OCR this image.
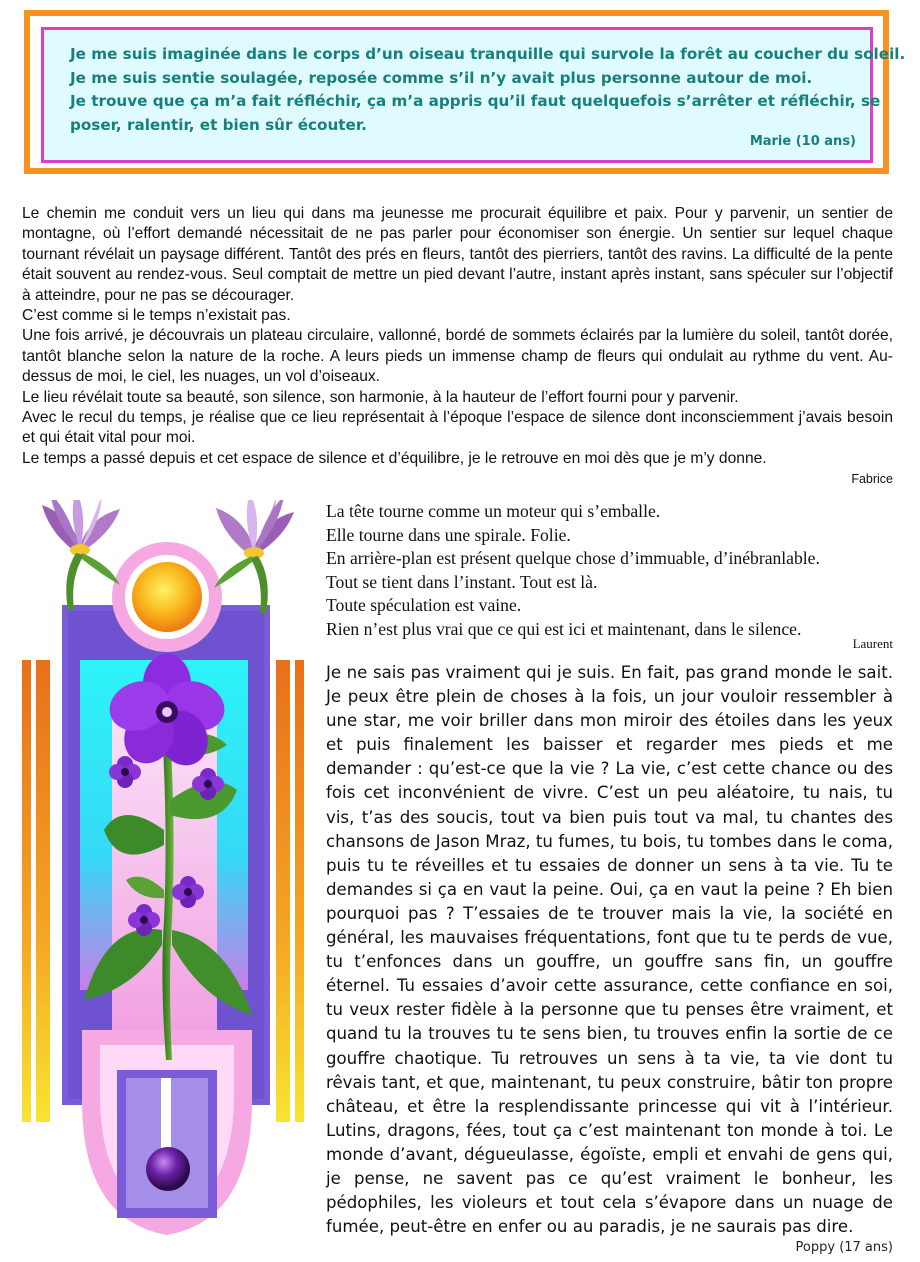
Je me suis imaginée dans le corps d’un oiseau tranquille qui survole la forêt au coucher du soleil.

Je me suis sentie soulagée, reposée comme s’il n’y avait plus personne autour de moi.

Je trouve que ça m’a fait réfléchir, ça m’a appris qu’il faut quelquefois s’arrêter et réfléchir, se

poser, ralentir, et bien sûr écouter.

Marie (10 ans)

Le chemin me conduit vers un lieu qui dans ma jeunesse me procurait équilibre et paix. Pour y parvenir, un sentier de montagne, où l’effort demandé nécessitait de ne pas parler pour économiser son énergie. Un sentier sur lequel chaque tournant révélait un paysage différent. Tantôt des prés en fleurs, tantôt des pierriers, tantôt des ravins. La difficulté de la pente était souvent au rendez-vous. Seul comptait de mettre un pied devant l’autre, instant après instant, sans spéculer sur l’objectif à atteindre, pour ne pas se décourager.

C’est comme si le temps n’existait pas.

Une fois arrivé, je découvrais un plateau circulaire, vallonné, bordé de sommets éclairés par la lumière du soleil, tantôt dorée, tantôt blanche selon la nature de la roche. A leurs pieds un immense champ de fleurs qui ondulait au rythme du vent. Au-dessus de moi, le ciel, les nuages, un vol d’oiseaux.

Le lieu révélait toute sa beauté, son silence, son harmonie, à la hauteur de l’effort fourni pour y parvenir.

Avec le recul du temps, je réalise que ce lieu représentait à l’époque l’espace de silence dont inconsciemment j’avais besoin et qui était vital pour moi.

Le temps a passé depuis et cet espace de silence et d’équilibre, je le retrouve en moi dès que je m’y donne.

Fabrice

La tête tourne comme un moteur qui s’emballe.

Elle tourne dans une spirale. Folie.

En arrière-plan est présent quelque chose d’immuable, d’inébranlable.

Tout se tient dans l’instant. Tout est là.

Toute spéculation est vaine.

Rien n’est plus vrai que ce qui est ici et maintenant, dans le silence.

Laurent

Je ne sais pas vraiment qui je suis. En fait, pas grand monde le sait. Je peux être plein de choses à la fois, un jour vouloir ressembler à une star, me voir briller dans mon miroir des étoiles dans les yeux et puis finalement les baisser et regarder mes pieds et me demander : qu’est-ce que la vie ? La vie, c’est cette chance ou des fois cet inconvénient de vivre. C’est un peu aléatoire, tu nais, tu vis, t’as des soucis, tout va bien puis tout va mal, tu chantes des chansons de Jason Mraz, tu fumes, tu bois, tu tombes dans le coma, puis tu te réveilles et tu essaies de donner un sens à ta vie. Tu te demandes si ça en vaut la peine. Oui, ça en vaut la peine ? Eh bien pourquoi pas ? T’essaies de te trouver mais la vie, la société en général, les mauvaises fréquentations, font que tu te perds de vue, tu t’enfonces dans un gouffre, un gouffre sans fin, un gouffre éternel. Tu essaies d’avoir cette assurance, cette confiance en soi, tu veux rester fidèle à la personne que tu penses être vraiment, et quand tu la trouves tu te sens bien, tu trouves enfin la sortie de ce gouffre chaotique. Tu retrouves un sens à ta vie, ta vie dont tu rêvais tant, et que, maintenant, tu peux construire, bâtir ton propre château, et être la resplendissante princesse qui vit à l’intérieur. Lutins, dragons, fées, tout ça c’est maintenant ton monde à toi. Le monde d’avant, dégueulasse, égoïste, empli et envahi de gens qui, je pense, ne savent pas ce qu’est vraiment le bonheur, les pédophiles, les violeurs et tout cela s’évapore dans un nuage de fumée, peut-être en enfer ou au paradis, je ne saurais pas dire.

Poppy (17 ans)
